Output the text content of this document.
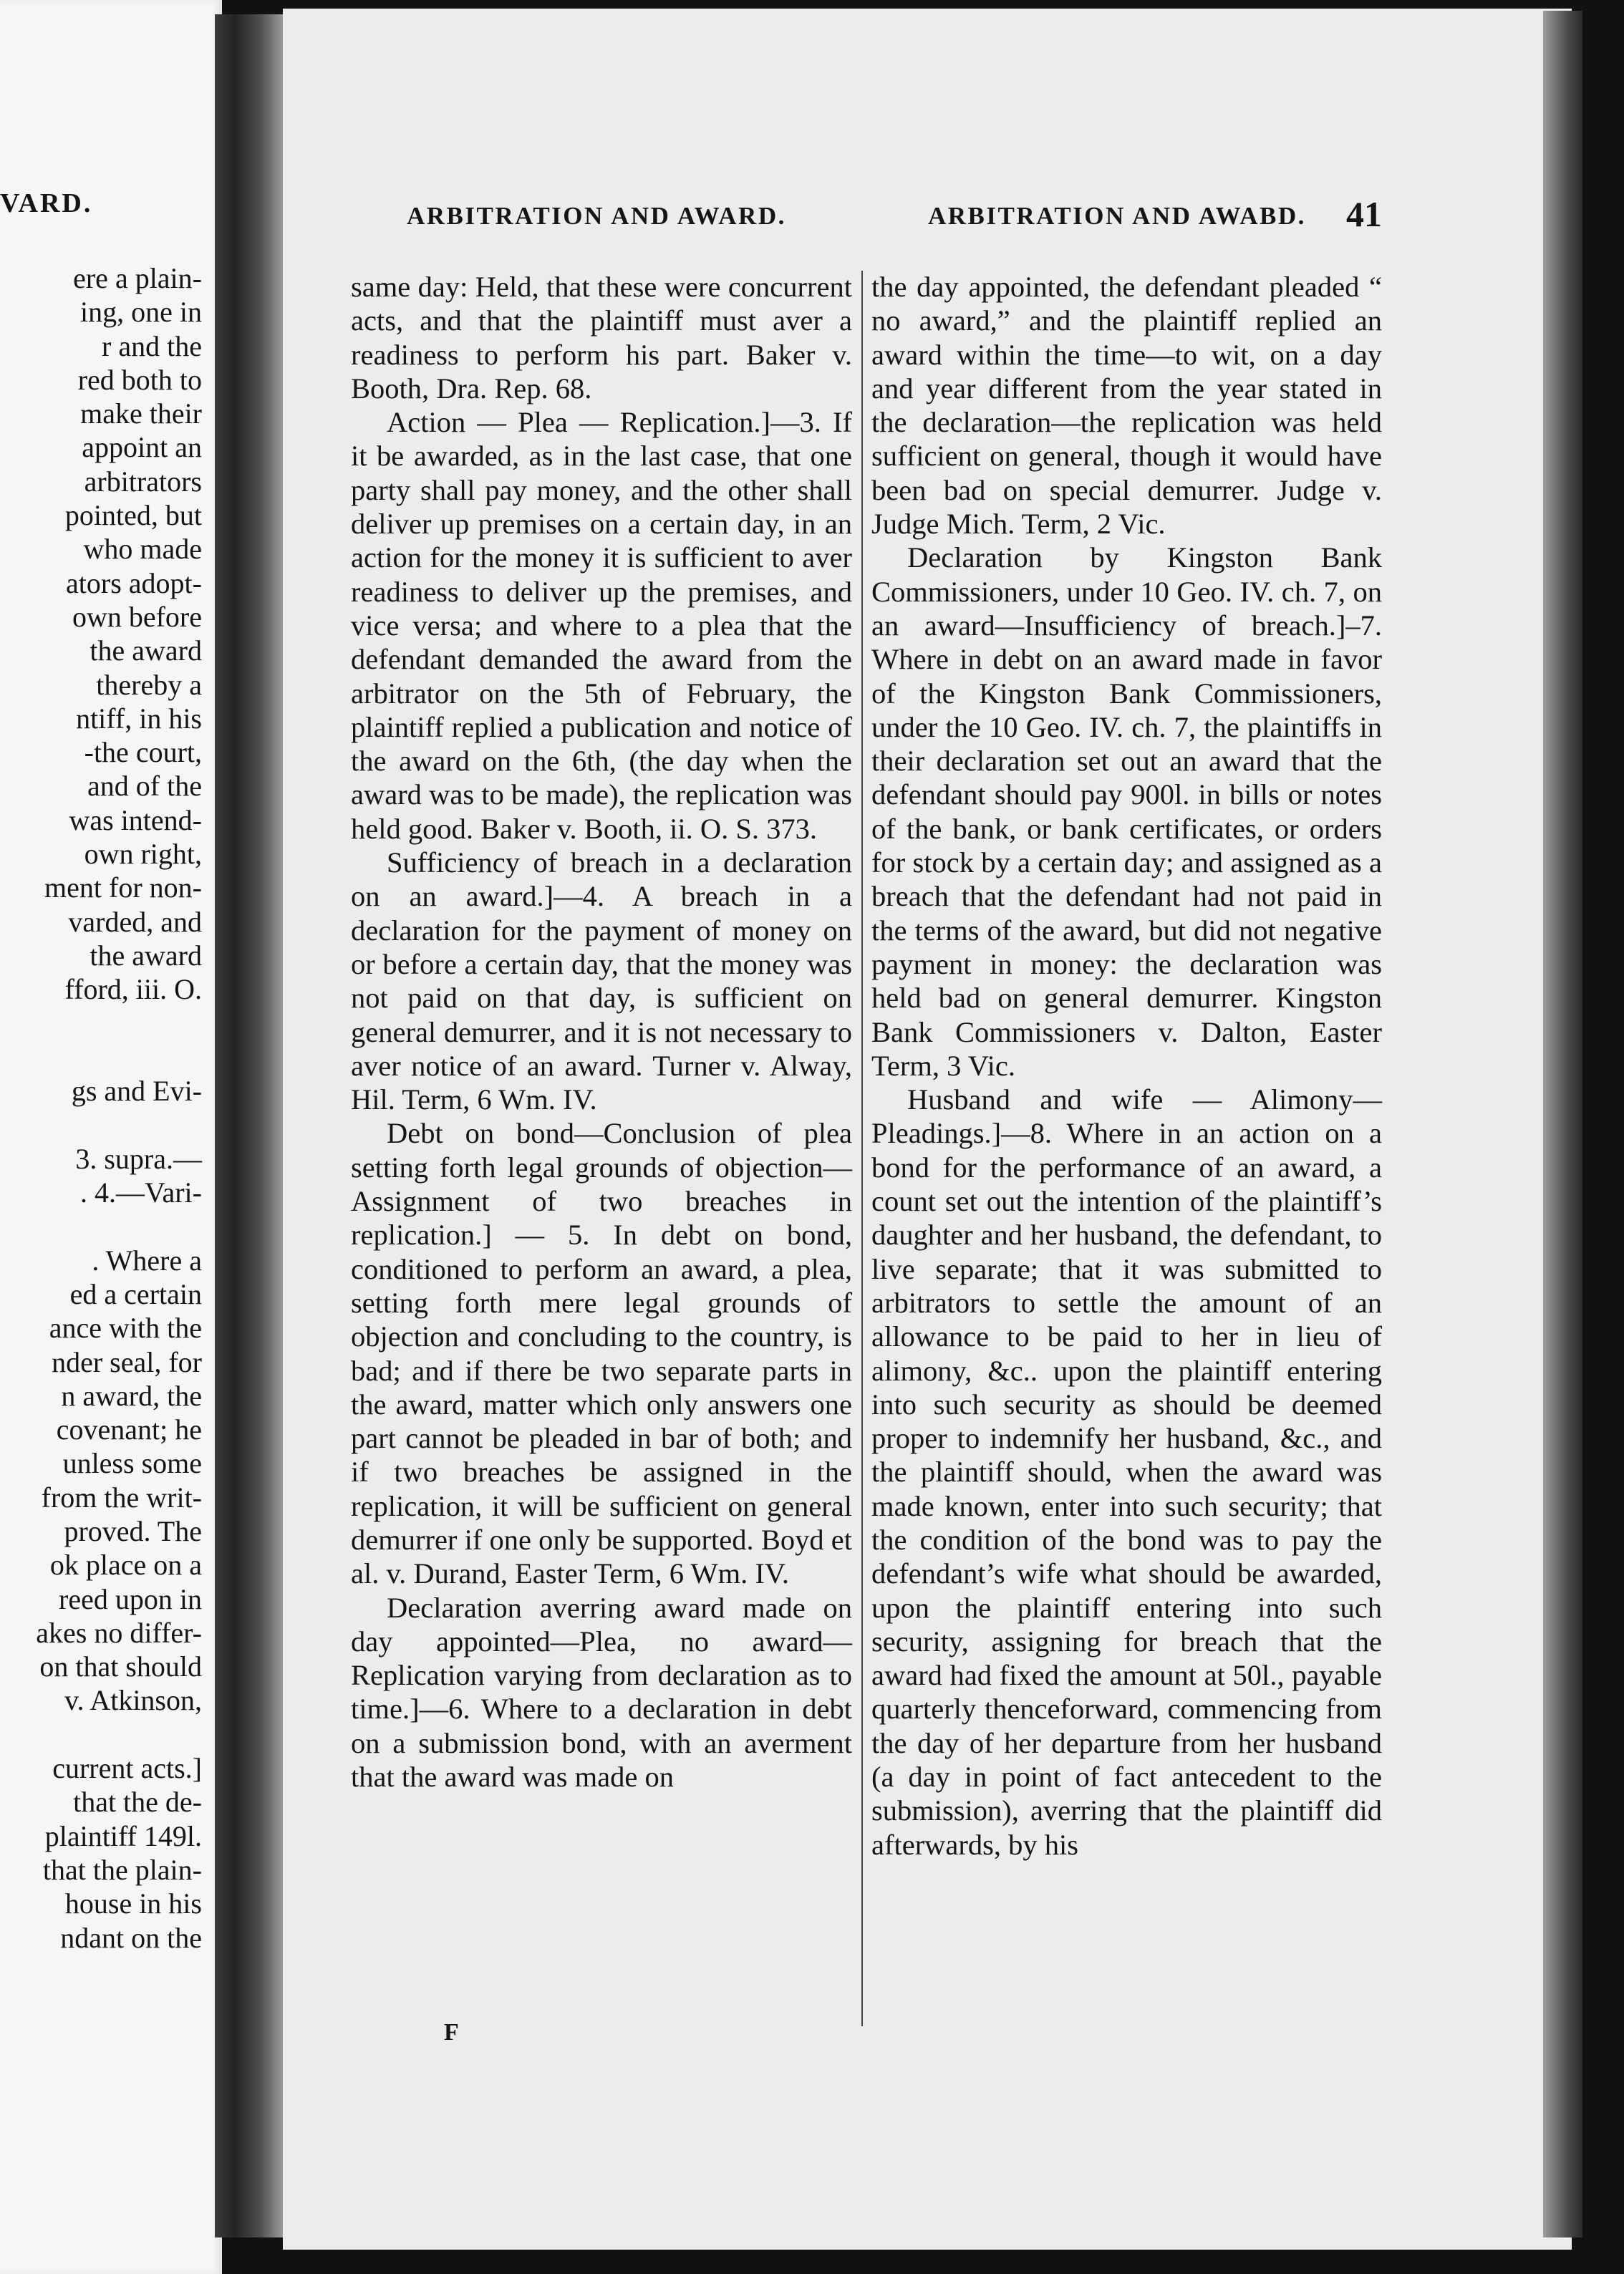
VARD.
ere a plain-
ing, one in
r and the
red both to
make their
appoint an
arbitrators
pointed, but
who made
ators adopt-
own before
the award
thereby a
ntiff, in his
-the court,
and of the
was intend-
own right,
ment for non-
varded, and
the award
fford, iii. O.

gs and Evi-

3. supra.—
. 4.—Vari-

. Where a
ed a certain
ance with the
nder seal, for
n award, the
covenant; he
unless some
from the writ-
proved. The
ok place on a
reed upon in
akes no differ-
on that should
v. Atkinson,

current acts.]
that the de-
plaintiff 149l.
that the plain-
house in his
ndant on the
ARBITRATION AND AWARD.	ARBITRATION AND AWABD. 41

same day: Held, that these were concurrent acts, and that the plaintiff must aver a readiness to perform his part. Baker v. Booth, Dra. Rep. 68.

Action — Plea — Replication.]—3. If it be awarded, as in the last case, that one party shall pay money, and the other shall deliver up premises on a certain day, in an action for the money it is sufficient to aver readiness to deliver up the premises, and vice versa; and where to a plea that the defendant demanded the award from the arbitrator on the 5th of February, the plaintiff replied a publication and notice of the award on the 6th, (the day when the award was to be made), the replication was held good. Baker v. Booth, ii. O. S. 373.

Sufficiency of breach in a declaration on an award.]—4. A breach in a declaration for the payment of money on or before a certain day, that the money was not paid on that day, is sufficient on general demurrer, and it is not necessary to aver notice of an award. Turner v. Alway, Hil. Term, 6 Wm. IV.

Debt on bond—Conclusion of plea setting forth legal grounds of objection—Assignment of two breaches in replication.] — 5. In debt on bond, conditioned to perform an award, a plea, setting forth mere legal grounds of objection and concluding to the country, is bad; and if there be two separate parts in the award, matter which only answers one part cannot be pleaded in bar of both; and if two breaches be assigned in the replication, it will be sufficient on general demurrer if one only be supported. Boyd et al. v. Durand, Easter Term, 6 Wm. IV.

Declaration averring award made on day appointed—Plea, no award—Replication varying from declaration as to time.]—6. Where to a declaration in debt on a submission bond, with an averment that the award was made on

the day appointed, the defendant pleaded “ no award,” and the plaintiff replied an award within the time—to wit, on a day and year different from the year stated in the declaration—the replication was held sufficient on general, though it would have been bad on special demurrer. Judge v. Judge Mich. Term, 2 Vic.

Declaration by Kingston Bank Commissioners, under 10 Geo. IV. ch. 7, on an award—Insufficiency of breach.]–7. Where in debt on an award made in favor of the Kingston Bank Commissioners, under the 10 Geo. IV. ch. 7, the plaintiffs in their declaration set out an award that the defendant should pay 900l. in bills or notes of the bank, or bank certificates, or orders for stock by a certain day; and assigned as a breach that the defendant had not paid in the terms of the award, but did not negative payment in money: the declaration was held bad on general demurrer. Kingston Bank Commissioners v. Dalton, Easter Term, 3 Vic.

Husband and wife — Alimony— Pleadings.]—8. Where in an action on a bond for the performance of an award, a count set out the intention of the plaintiff’s daughter and her husband, the defendant, to live separate; that it was submitted to arbitrators to settle the amount of an allowance to be paid to her in lieu of alimony, &c.. upon the plaintiff entering into such security as should be deemed proper to indemnify her husband, &c., and the plaintiff should, when the award was made known, enter into such security; that the condition of the bond was to pay the defendant’s wife what should be awarded, upon the plaintiff entering into such security, assigning for breach that the award had fixed the amount at 50l., payable quarterly thenceforward, commencing from the day of her departure from her husband (a day in point of fact antecedent to the submission), averring that the plaintiff did afterwards, by his

F
